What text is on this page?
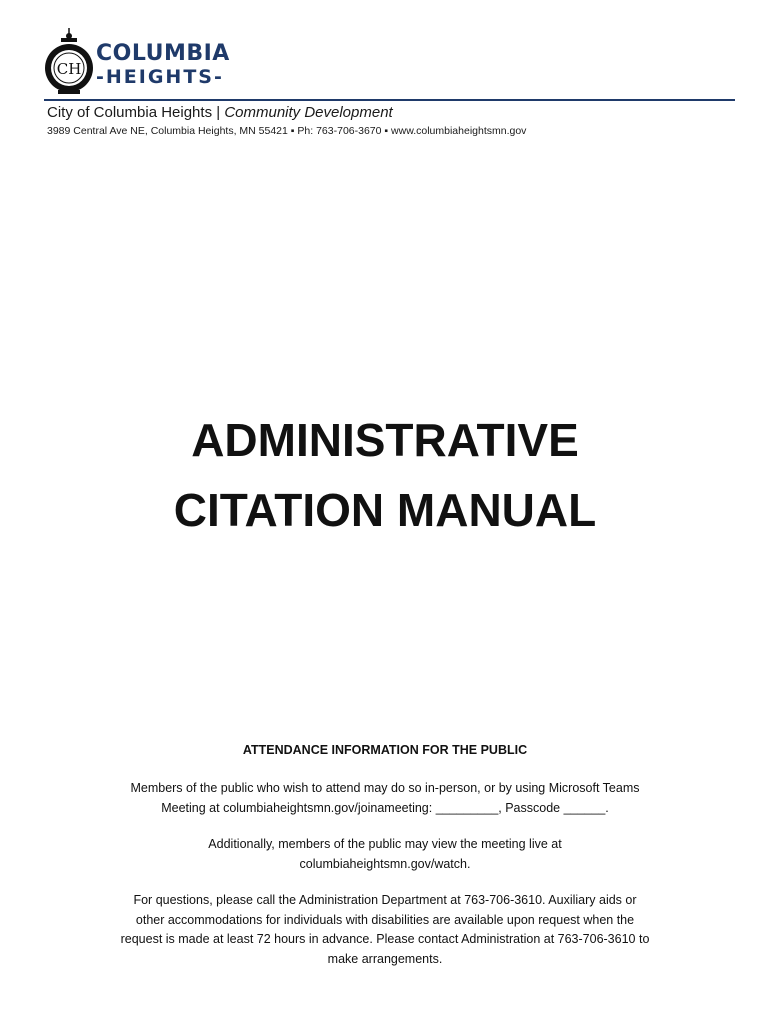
CH
COLUMBIA
-HEIGHTS-
City of Columbia Heights | Community Development
3989 Central Ave NE, Columbia Heights, MN 55421 ▪ Ph: 763-706-3670 ▪ www.columbiaheightsmn.gov
ADMINISTRATIVE
CITATION MANUAL
ATTENDANCE INFORMATION FOR THE PUBLIC
Members of the public who wish to attend may do so in-person, or by using Microsoft Teams
Meeting at columbiaheightsmn.gov/joinameeting: _________, Passcode ______.
Additionally, members of the public may view the meeting live at
columbiaheightsmn.gov/watch.
For questions, please call the Administration Department at 763-706-3610. Auxiliary aids or
other accommodations for individuals with disabilities are available upon request when the
request is made at least 72 hours in advance. Please contact Administration at 763-706-3610 to
make arrangements.
